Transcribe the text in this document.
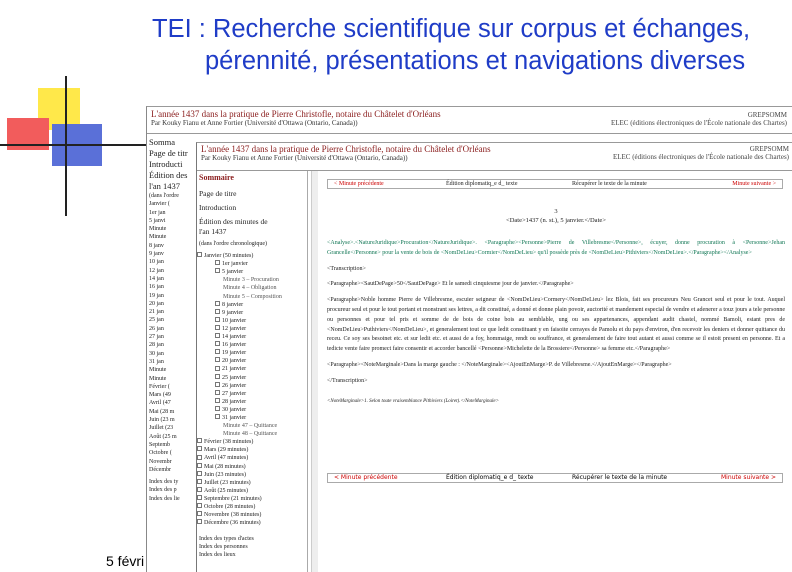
TEI : Recherche scientifique sur corpus et échanges,
pérennité, présentations et navigations diverses
L'année 1437 dans la pratique de Pierre Christofle, notaire du Châtelet d'Orléans
Par Kouky Fianu et Anne Fortier (Université d'Ottawa (Ontario, Canada))
GREPSOMM
ELEC (éditions électroniques de l'École nationale des Chartes)
Somma
Page de titr
Introducti
Édition des
l'an 1437
(dans l'ordre
Janvier (
1er jan
5 janvi
Minute
Minute
8 janv
9 janv
10 jan
12 jan
14 jan
16 jan
19 jan
20 jan
21 jan
25 jan
26 jan
27 jan
28 jan
30 jan
31 jan
Minute
Minute
Février (
Mars (49
Avril (47
Mai (28 m
Juin (23 m
Juillet (23
Août (25 m
Septemb
Octobre (
Novembr
Décembr
Index des ty
Index des p
Index des lie
L'année 1437 dans la pratique de Pierre Christofle, notaire du Châtelet d'Orléans
Par Kouky Fianu et Anne Fortier (Université d'Ottawa (Ontario, Canada))
GREPSOMM
ELEC (éditions électroniques de l'École nationale des Chartes)
Sommaire
Page de titre
Introduction
Édition des minutes de
l'an 1437
(dans l'ordre chronologique)
Janvier (50 minutes)
1er janvier
5 janvier
Minute 3 – Procuration
Minute 4 – Obligation
Minute 5 – Composition
8 janvier
9 janvier
10 janvier
12 janvier
14 janvier
16 janvier
19 janvier
20 janvier
21 janvier
25 janvier
26 janvier
27 janvier
28 janvier
30 janvier
31 janvier
Minute 47 – Quittance
Minute 48 – Quittance
Février (38 minutes)
Mars (29 minutes)
Avril (47 minutes)
Mai (28 minutes)
Juin (23 minutes)
Juillet (23 minutes)
Août (25 minutes)
Septembre (21 minutes)
Octobre (28 minutes)
Novembre (38 minutes)
Décembre (36 minutes)
Index des types d'actes
Index des personnes
Index des lieux
< Minute précédente	Édition diplomatiq_e d_ texte	Récupérer le texte de la minute	Minute suivante >
3
<Date>1437 (n. st.), 5 janvier.</Date>

<Analyse>.<NatureJuridique>Procuration</NatureJuridique>. <Paragraphe><Personne>Pierre de Villebresme</Personne>, écuyer, donne procuration à <Personne>Jehan Grancelle</Personne> pour la vente de bois de <NomDeLieu>Cormier</NomDeLieu> qu'il possède près de <NomDeLieu>Pithiviers</NomDeLieu>.</Paragraphe></Analyse>

<Transcription>

<Paragraphe><SautDePage>50</SautDePage> Et le samedi cinquiesme jour de janvier.</Paragraphe>

<Paragraphe>Noble homme Pierre de Villebresme, escuier seigneur de <NomDeLieu>Cormery</NomDeLieu> lez Blois, fait ses procureurs Neu Grancet seul et pour le tout. Auquel procureur seul et pour le tout portant et monstrant ses lettres, a dit constitué, a donné et donne plain povoir, auctorité et mandement especial de vendre et adenerer a touz jours a tele personne ou personnes et pour tel pris et somme de de bois de coine bois au semblable, ung ou ses appartenances, appendant audit chastel, nommé Bamoli, estant pres de <NomDeLieu>Puthiviers</NomDeLieu>, et generalement tout ce que ledit constituant y en faisoite cerrayes de Pamolu et du pays d'environ, d'en recevoir les deniers et donner quittance du receu. Ce soy ses besoinet etc. et sur ledit etc. et aussi de a foy, hommaige, rendt ou souffrance, et generalement de faire tout autant et aussi comme se il estoit present en personne. Et a tedicte vente faire promect faire consentir et accorder bancellé <Personne>Michelette de la Brossiere</Personne> sa femme etc.</Paragraphe>

<Paragraphe><NoteMarginale>Dans la marge gauche : </NoteMarginale><AjoutEnMarge>P. de Villebresme.</AjoutEnMarge></Paragraphe>

</Transcription>

<NoteMarginale>1. Selon toute vraisemblance Pithiviers (Loiret).</NoteMarginale>

< Minute précédente	Édition diplomatiq_e d_ texte	Récupérer le texte de la minute	Minute suivante >
5 févri
